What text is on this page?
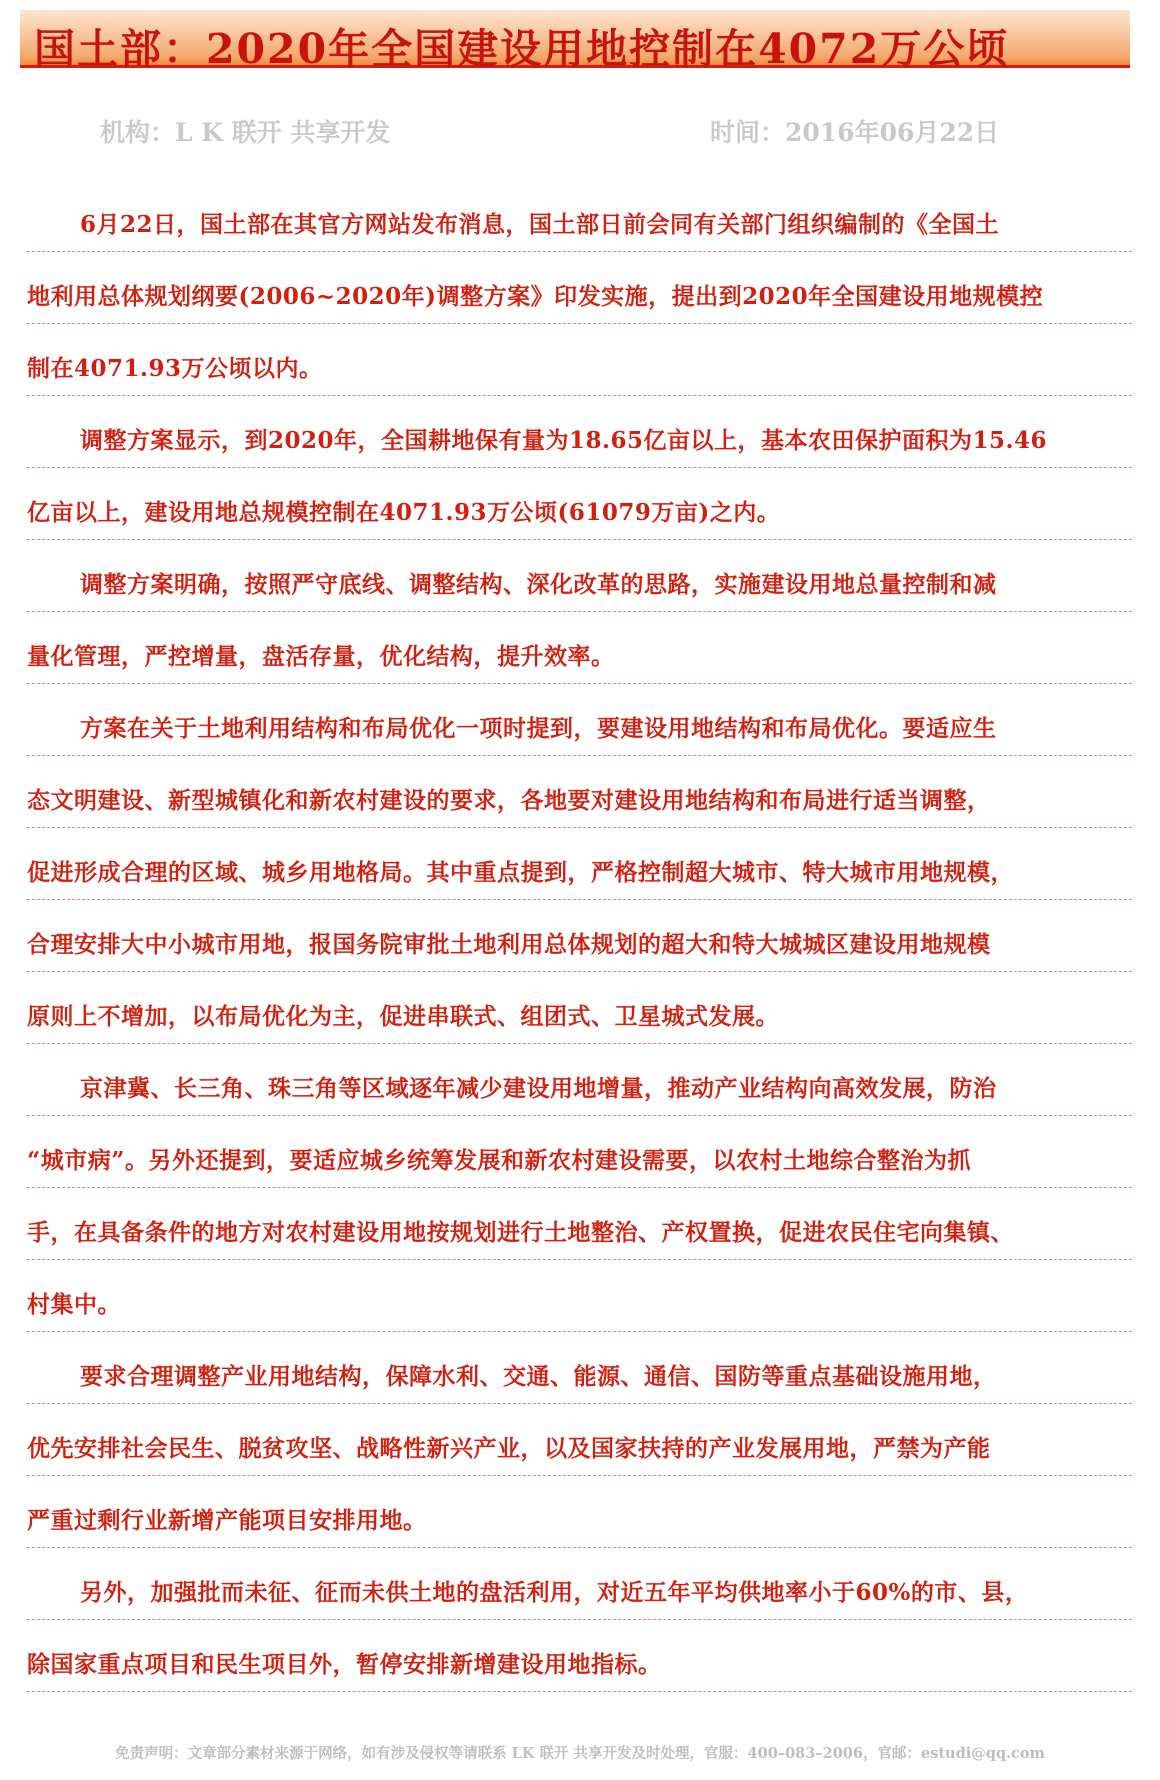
国土部：2020年全国建设用地控制在4072万公顷
机构：L K 联开 共享开发	时间：2016年06月22日
6月22日，国土部在其官方网站发布消息，国土部日前会同有关部门组织编制的《全国土
地利用总体规划纲要(2006~2020年)调整方案》印发实施，提出到2020年全国建设用地规模控
制在4071.93万公顷以内。
调整方案显示，到2020年，全国耕地保有量为18.65亿亩以上，基本农田保护面积为15.46
亿亩以上，建设用地总规模控制在4071.93万公顷(61079万亩)之内。
调整方案明确，按照严守底线、调整结构、深化改革的思路，实施建设用地总量控制和减
量化管理，严控增量，盘活存量，优化结构，提升效率。
方案在关于土地利用结构和布局优化一项时提到，要建设用地结构和布局优化。要适应生
态文明建设、新型城镇化和新农村建设的要求，各地要对建设用地结构和布局进行适当调整，
促进形成合理的区域、城乡用地格局。其中重点提到，严格控制超大城市、特大城市用地规模，
合理安排大中小城市用地，报国务院审批土地利用总体规划的超大和特大城城区建设用地规模
原则上不增加，以布局优化为主，促进串联式、组团式、卫星城式发展。
京津冀、长三角、珠三角等区域逐年减少建设用地增量，推动产业结构向高效发展，防治
“城市病”。另外还提到，要适应城乡统筹发展和新农村建设需要，以农村土地综合整治为抓
手，在具备条件的地方对农村建设用地按规划进行土地整治、产权置换，促进农民住宅向集镇、
村集中。
要求合理调整产业用地结构，保障水利、交通、能源、通信、国防等重点基础设施用地，
优先安排社会民生、脱贫攻坚、战略性新兴产业，以及国家扶持的产业发展用地，严禁为产能
严重过剩行业新增产能项目安排用地。
另外，加强批而未征、征而未供土地的盘活利用，对近五年平均供地率小于60%的市、县，
除国家重点项目和民生项目外，暂停安排新增建设用地指标。
免责声明：文章部分素材来源于网络，如有涉及侵权等请联系 LK 联开 共享开发及时处理，官服：400–083–2006，官邮：estudi@qq.com
